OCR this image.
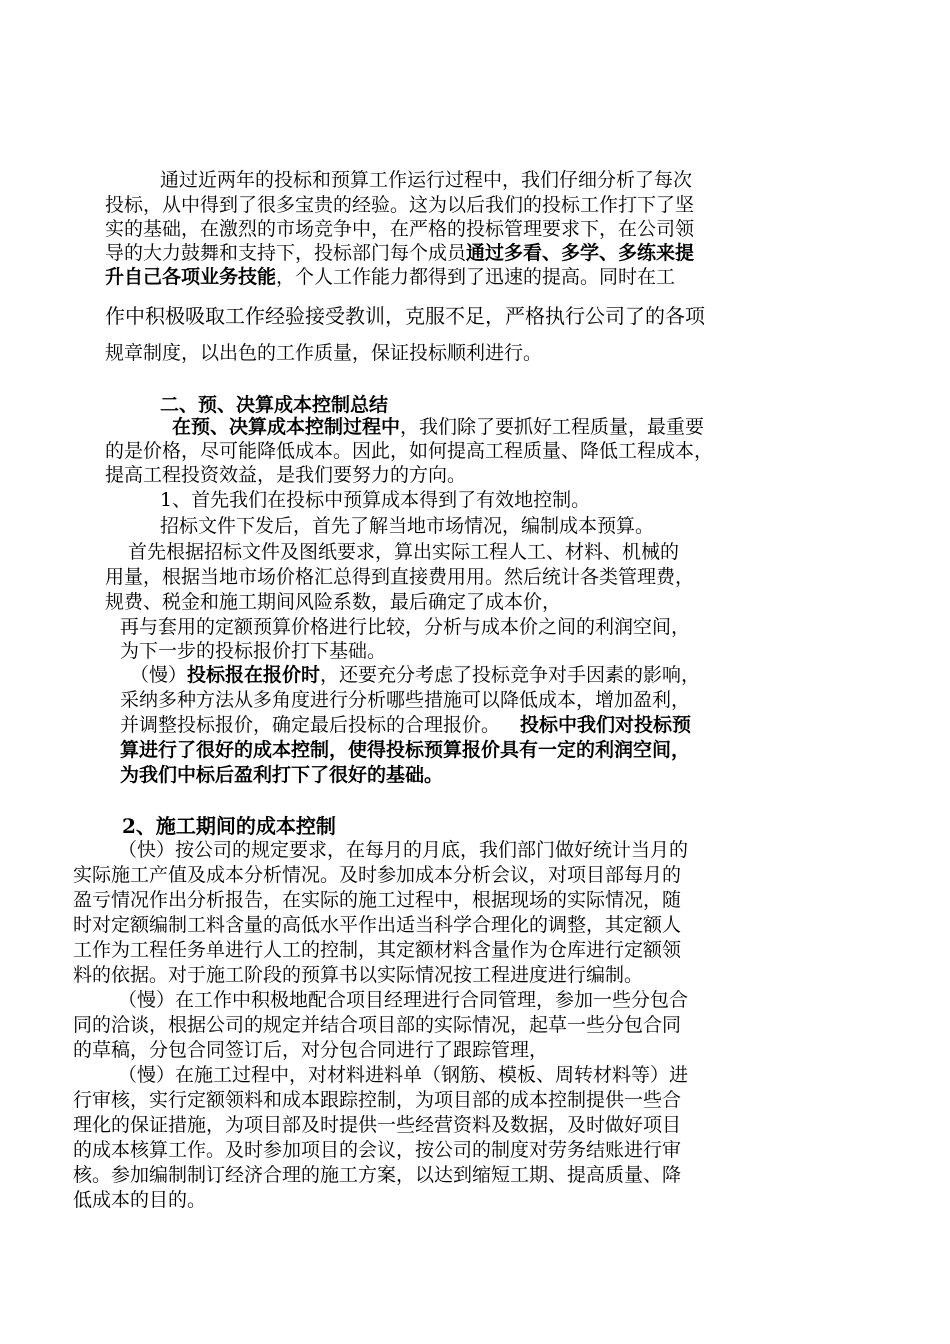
通过近两年的投标和预算工作运行过程中，我们仔细分析了每次

投标，从中得到了很多宝贵的经验。这为以后我们的投标工作打下了坚

实的基础，在激烈的市场竞争中，在严格的投标管理要求下，在公司领

导的大力鼓舞和支持下，投标部门每个成员通过多看、多学、多练来提

升自己各项业务技能，个人工作能力都得到了迅速的提高。同时在工

作中积极吸取工作经验接受教训，克服不足，严格执行公司了的各项

规章制度，以出色的工作质量，保证投标顺利进行。

二、预、决算成本控制总结

在预、决算成本控制过程中，我们除了要抓好工程质量，最重要

的是价格，尽可能降低成本。因此，如何提高工程质量、降低工程成本，

提高工程投资效益，是我们要努力的方向。

1、首先我们在投标中预算成本得到了有效地控制。

招标文件下发后，首先了解当地市场情况，编制成本预算。

首先根据招标文件及图纸要求，算出实际工程人工、材料、机械的

用量，根据当地市场价格汇总得到直接费用用。然后统计各类管理费，

规费、税金和施工期间风险系数，最后确定了成本价，

再与套用的定额预算价格进行比较，分析与成本价之间的利润空间，

为下一步的投标报价打下基础。

（慢）投标报在报价时，还要充分考虑了投标竞争对手因素的影响，

采纳多种方法从多角度进行分析哪些措施可以降低成本，增加盈利，

并调整投标报价，确定最后投标的合理报价。 投标中我们对投标预

算进行了很好的成本控制，使得投标预算报价具有一定的利润空间，

为我们中标后盈利打下了很好的基础。

2、施工期间的成本控制

（快）按公司的规定要求，在每月的月底，我们部门做好统计当月的

实际施工产值及成本分析情况。及时参加成本分析会议，对项目部每月的

盈亏情况作出分析报告，在实际的施工过程中，根据现场的实际情况，随

时对定额编制工料含量的高低水平作出适当科学合理化的调整，其定额人

工作为工程任务单进行人工的控制，其定额材料含量作为仓库进行定额领

料的依据。对于施工阶段的预算书以实际情况按工程进度进行编制。

（慢）在工作中积极地配合项目经理进行合同管理，参加一些分包合

同的洽谈，根据公司的规定并结合项目部的实际情况，起草一些分包合同

的草稿，分包合同签订后，对分包合同进行了跟踪管理，

（慢）在施工过程中，对材料进料单（钢筋、模板、周转材料等）进

行审核，实行定额领料和成本跟踪控制，为项目部的成本控制提供一些合

理化的保证措施，为项目部及时提供一些经营资料及数据，及时做好项目

的成本核算工作。及时参加项目的会议，按公司的制度对劳务结账进行审

核。参加编制制订经济合理的施工方案，以达到缩短工期、提高质量、降

低成本的目的。
